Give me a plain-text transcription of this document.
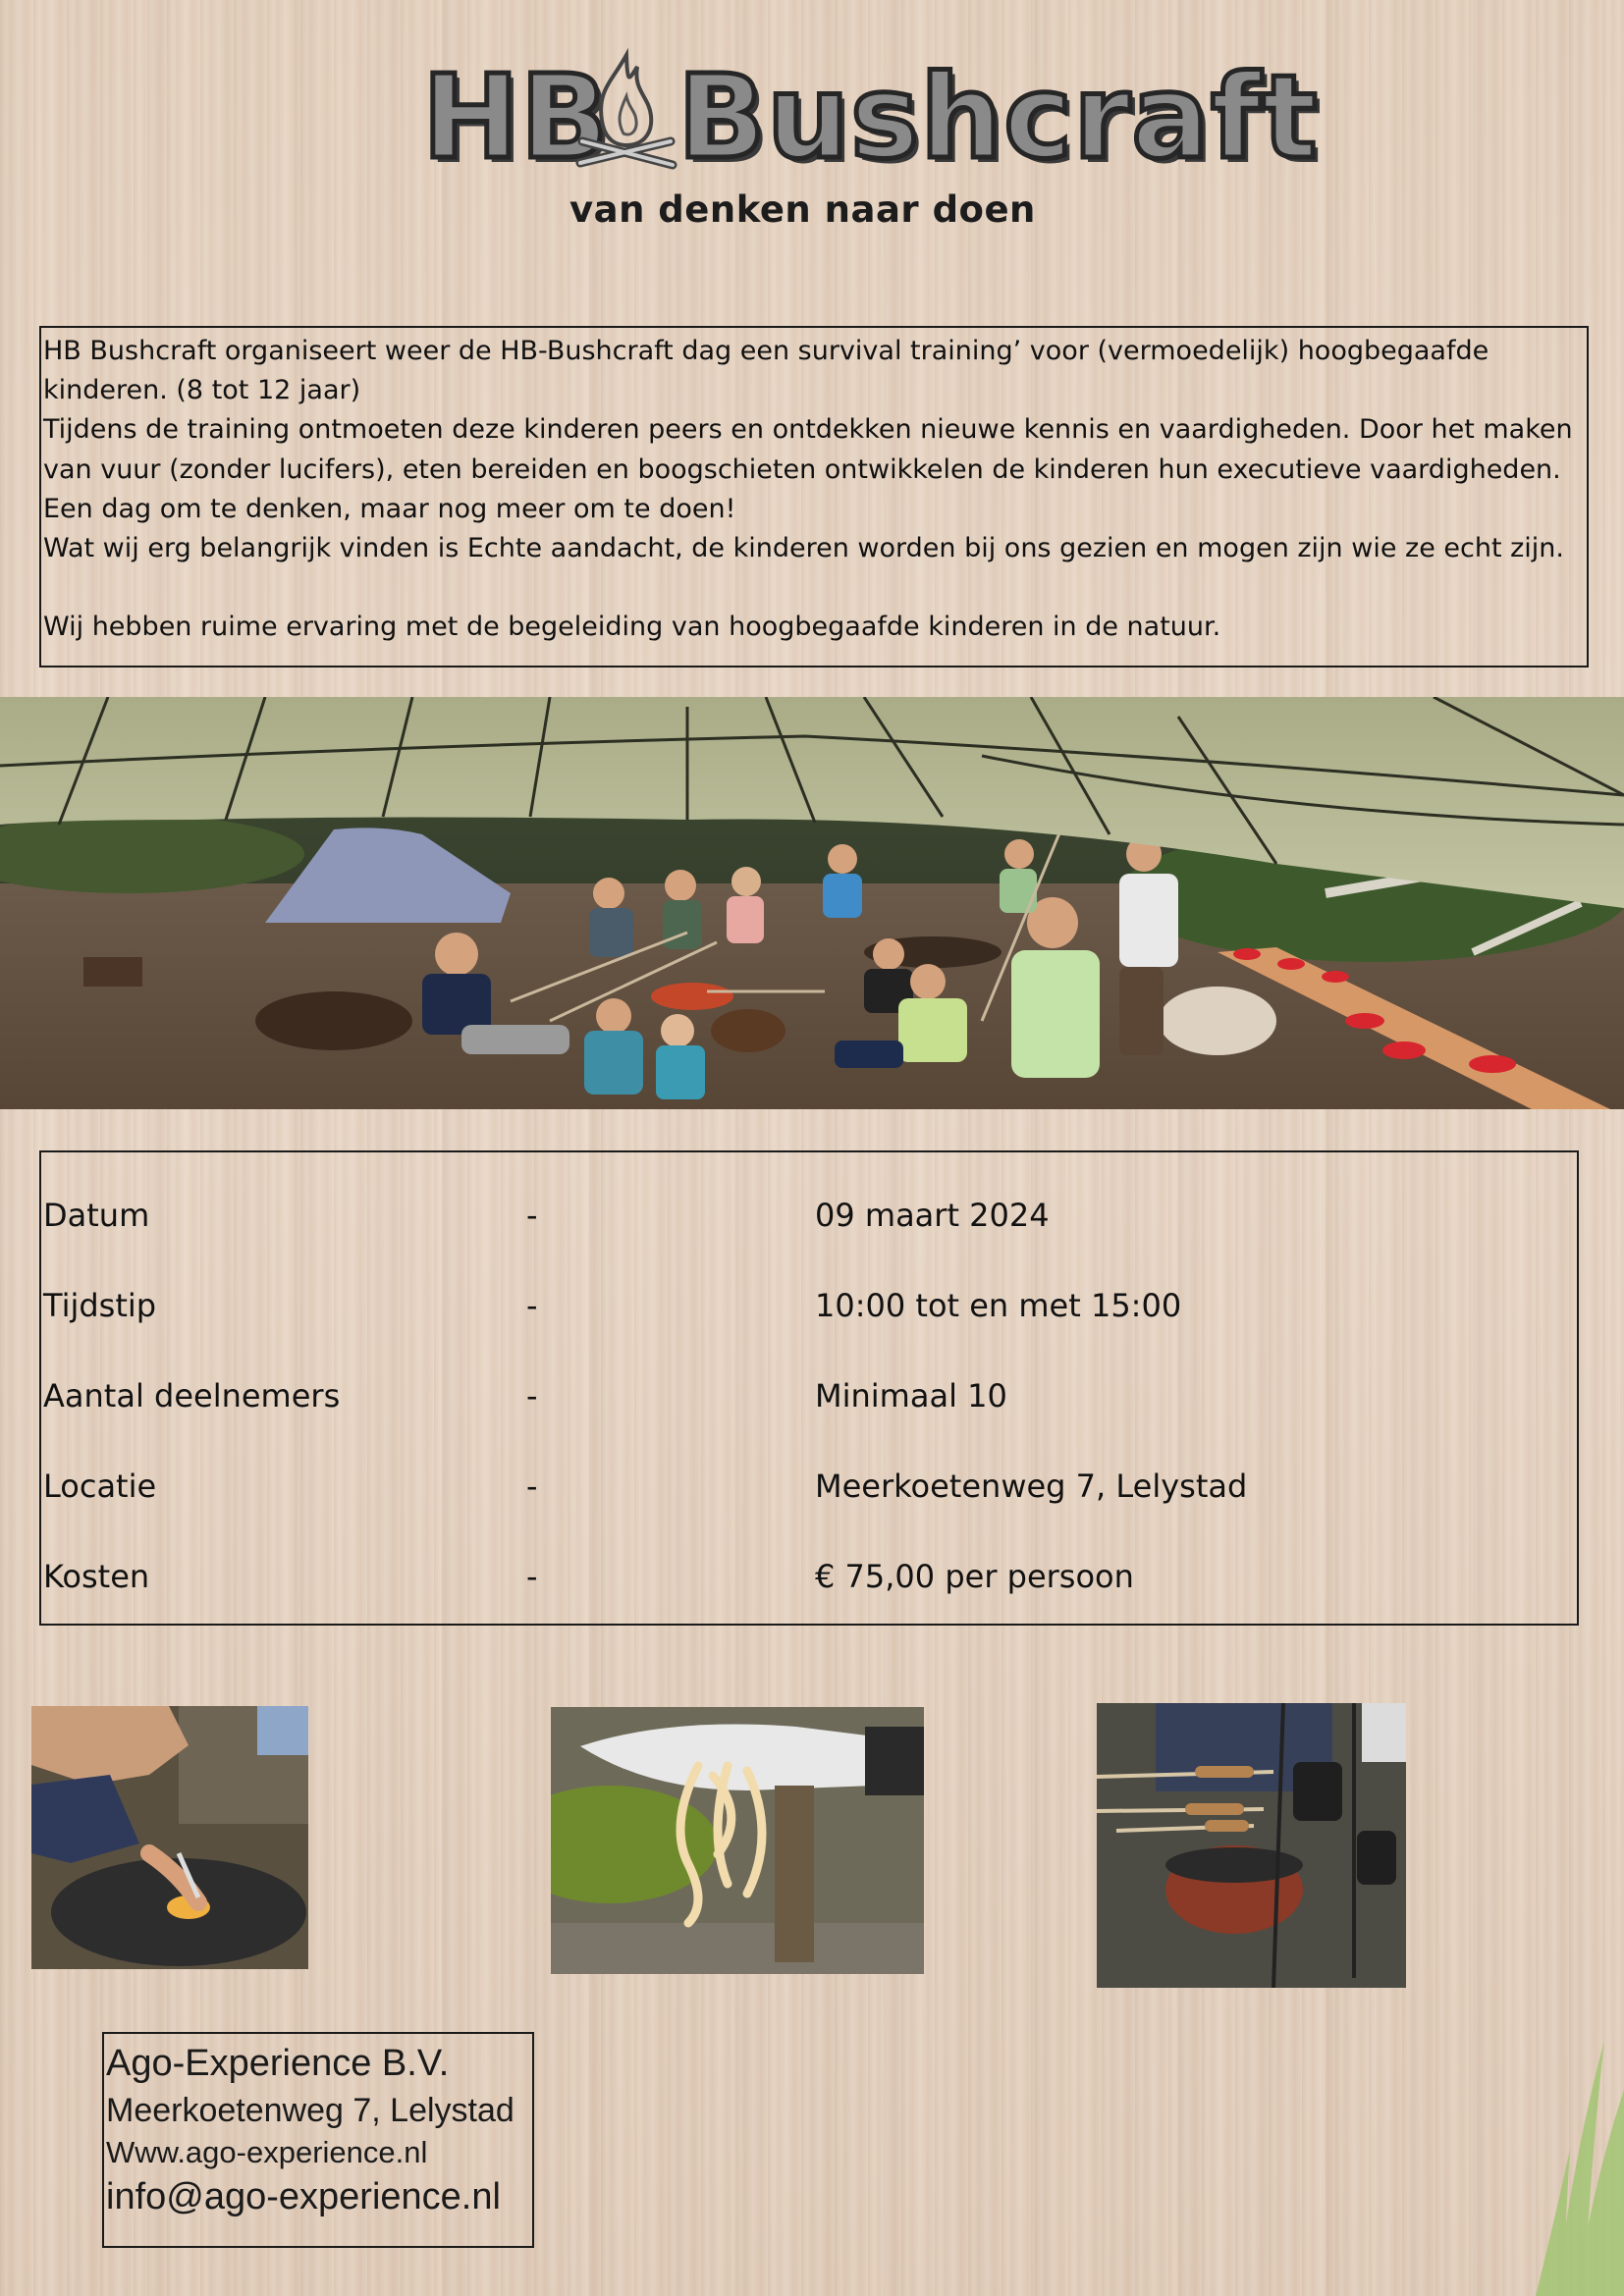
HB Bushcraft
van denken naar doen

HB Bushcraft organiseert weer de HB-Bushcraft dag een survival training’ voor (vermoedelijk) hoogbegaafde kinderen. (8 tot 12 jaar)

Tijdens de training ontmoeten deze kinderen peers en ontdekken nieuwe kennis en vaardigheden. Door het maken van vuur (zonder lucifers), eten bereiden en boogschieten ontwikkelen de kinderen hun executieve vaardigheden.

Een dag om te denken, maar nog meer om te doen!

Wat wij erg belangrijk vinden is Echte aandacht, de kinderen worden bij ons gezien en mogen zijn wie ze echt zijn.

Wij hebben ruime ervaring met de begeleiding van hoogbegaafde kinderen in de natuur.

Datum	-	09 maart 2024
Tijdstip	-	10:00 tot en met 15:00
Aantal deelnemers	-	Minimaal 10
Locatie	-	Meerkoetenweg 7, Lelystad
Kosten	-	€ 75,00 per persoon
Ago-Experience B.V.
Meerkoetenweg 7, Lelystad
Www.ago-experience.nl
info@ago-experience.nl
